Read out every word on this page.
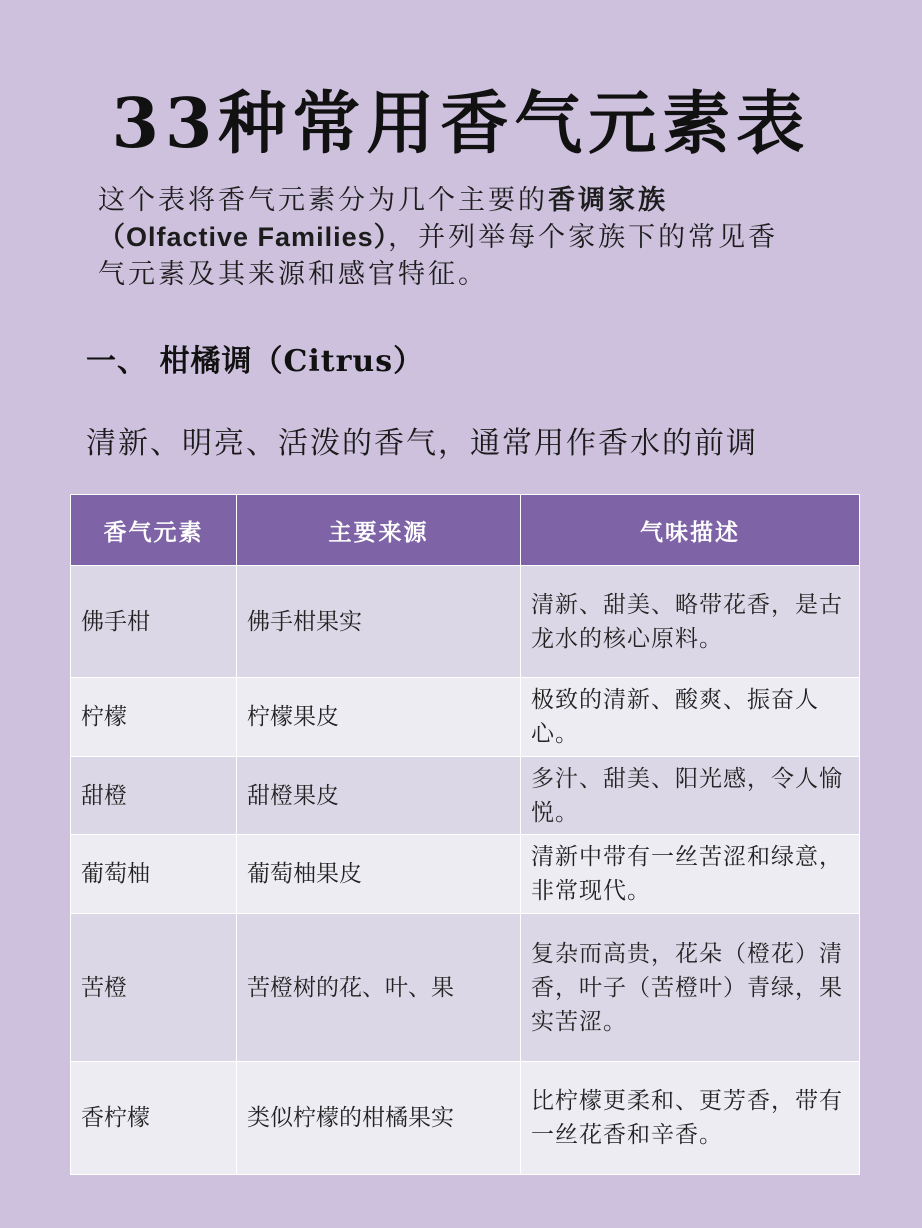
33种常用香气元素表
这个表将香气元素分为几个主要的香调家族（Olfactive Families），并列举每个家族下的常见香气元素及其来源和感官特征。
一、 柑橘调（Citrus）
清新、明亮、活泼的香气，通常用作香水的前调
香气元素	主要来源	气味描述
佛手柑	佛手柑果实	清新、甜美、略带花香，是古龙水的核心原料。
柠檬	柠檬果皮	极致的清新、酸爽、振奋人心。
甜橙	甜橙果皮	多汁、甜美、阳光感，令人愉悦。
葡萄柚	葡萄柚果皮	清新中带有一丝苦涩和绿意，非常现代。
苦橙	苦橙树的花、叶、果	复杂而高贵，花朵（橙花）清香，叶子（苦橙叶）青绿，果实苦涩。
香柠檬	类似柠檬的柑橘果实	比柠檬更柔和、更芳香，带有一丝花香和辛香。
